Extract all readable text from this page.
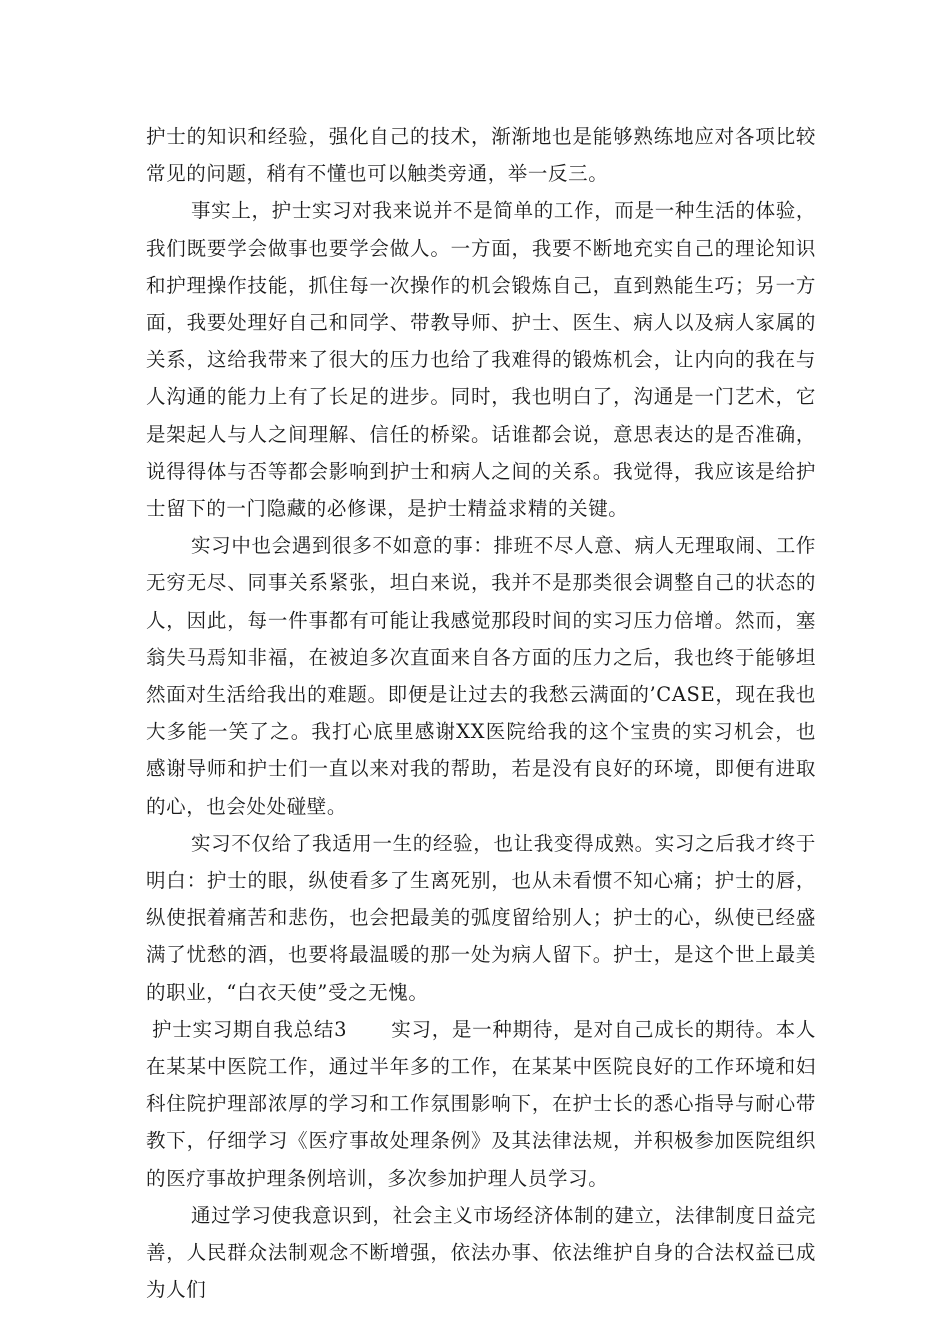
护士的知识和经验，强化自己的技术，渐渐地也是能够熟练地应对各项比较常见的问题，稍有不懂也可以触类旁通，举一反三。

事实上，护士实习对我来说并不是简单的工作，而是一种生活的体验，我们既要学会做事也要学会做人。一方面，我要不断地充实自己的理论知识和护理操作技能，抓住每一次操作的机会锻炼自己，直到熟能生巧；另一方面，我要处理好自己和同学、带教导师、护士、医生、病人以及病人家属的关系，这给我带来了很大的压力也给了我难得的锻炼机会，让内向的我在与人沟通的能力上有了长足的进步。同时，我也明白了，沟通是一门艺术，它是架起人与人之间理解、信任的桥梁。话谁都会说，意思表达的是否准确，说得得体与否等都会影响到护士和病人之间的关系。我觉得，我应该是给护士留下的一门隐藏的必修课，是护士精益求精的关键。

实习中也会遇到很多不如意的事：排班不尽人意、病人无理取闹、工作无穷无尽、同事关系紧张，坦白来说，我并不是那类很会调整自己的状态的人，因此，每一件事都有可能让我感觉那段时间的实习压力倍增。然而，塞翁失马焉知非福，在被迫多次直面来自各方面的压力之后，我也终于能够坦然面对生活给我出的难题。即便是让过去的我愁云满面的’CASE，现在我也大多能一笑了之。我打心底里感谢XX医院给我的这个宝贵的实习机会，也感谢导师和护士们一直以来对我的帮助，若是没有良好的环境，即便有进取的心，也会处处碰壁。

实习不仅给了我适用一生的经验，也让我变得成熟。实习之后我才终于明白：护士的眼，纵使看多了生离死别，也从未看惯不知心痛；护士的唇，纵使抿着痛苦和悲伤，也会把最美的弧度留给别人；护士的心，纵使已经盛满了忧愁的酒，也要将最温暖的那一处为病人留下。护士，是这个世上最美的职业，“白衣天使”受之无愧。

护士实习期自我总结3 实习，是一种期待，是对自己成长的期待。本人在某某中医院工作，通过半年多的工作，在某某中医院良好的工作环境和妇科住院护理部浓厚的学习和工作氛围影响下，在护士长的悉心指导与耐心带教下，仔细学习《医疗事故处理条例》及其法律法规，并积极参加医院组织的医疗事故护理条例培训，多次参加护理人员学习。

通过学习使我意识到，社会主义市场经济体制的建立，法律制度日益完善，人民群众法制观念不断增强，依法办事、依法维护自身的合法权益已成为人们
